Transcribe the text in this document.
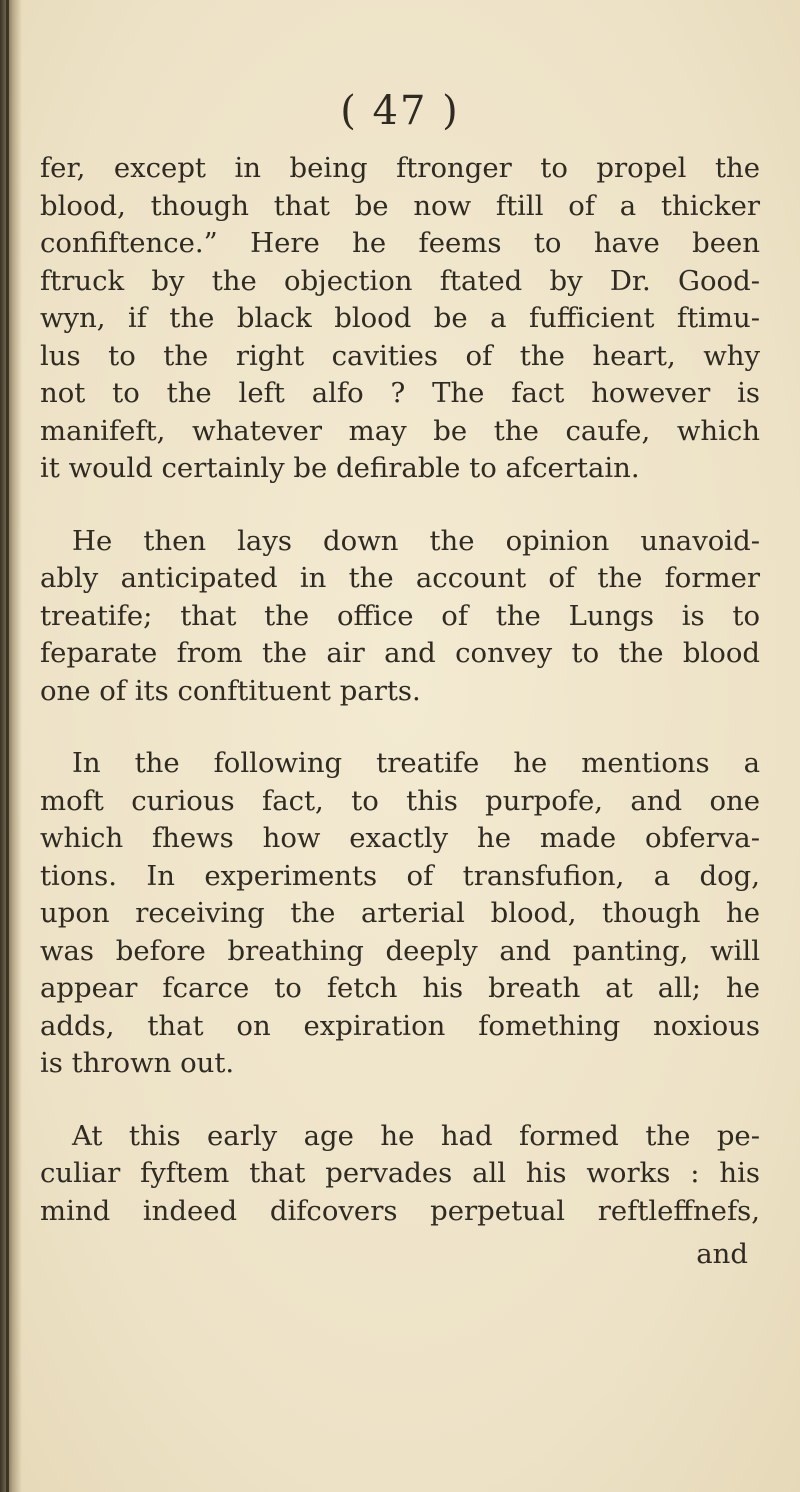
( 47 )
fer, except in being ftronger to propel the
blood, though that be now ftill of a thicker
confiftence.” Here he feems to have been
ftruck by the objection ftated by Dr. Good-
wyn, if the black blood be a fufficient ftimu-
lus to the right cavities of the heart, why
not to the left alfo ? The fact however is
manifeft, whatever may be the caufe, which
it would certainly be defirable to afcertain.
He then lays down the opinion unavoid-
ably anticipated in the account of the former
treatife; that the office of the Lungs is to
feparate from the air and convey to the blood
one of its conftituent parts.
In the following treatife he mentions a
moft curious fact, to this purpofe, and one
which fhews how exactly he made obferva-
tions. In experiments of transfufion, a dog,
upon receiving the arterial blood, though he
was before breathing deeply and panting, will
appear fcarce to fetch his breath at all; he
adds, that on expiration fomething noxious
is thrown out.
At this early age he had formed the pe-
culiar fyftem that pervades all his works : his
mind indeed difcovers perpetual reftleffnefs,
and
